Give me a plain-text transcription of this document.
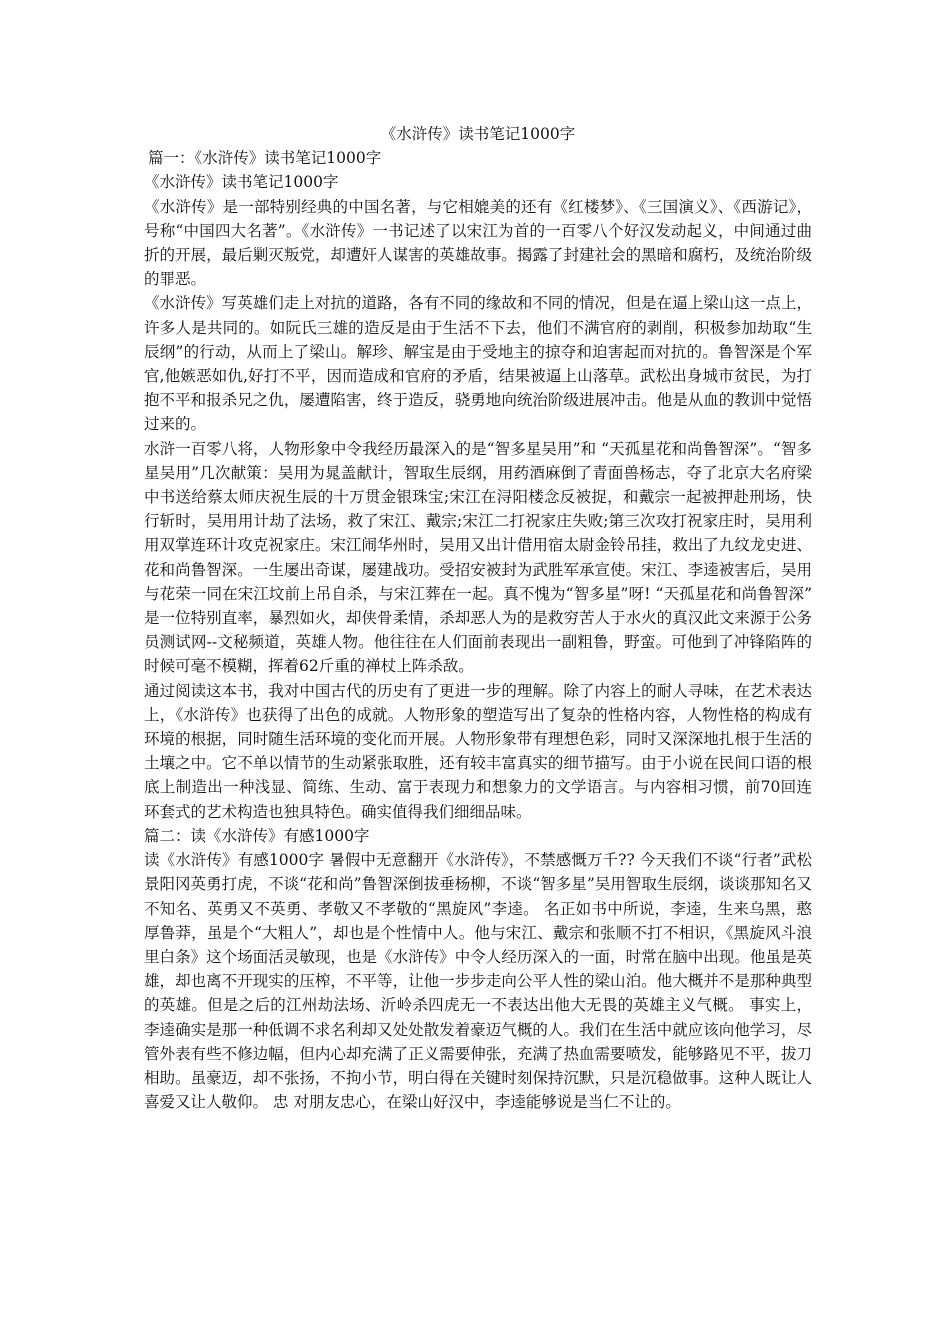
《水浒传》读书笔记1000字

篇一：《水浒传》读书笔记1000字

《水浒传》读书笔记1000字

《水浒传》是一部特别经典的中国名著，与它相媲美的还有《红楼梦》、《三国演义》、《西游记》，号称“中国四大名著”。《水浒传》一书记述了以宋江为首的一百零八个好汉发动起义，中间通过曲折的开展，最后剿灭叛党，却遭奸人谋害的英雄故事。揭露了封建社会的黑暗和腐朽，及统治阶级的罪恶。

《水浒传》写英雄们走上对抗的道路，各有不同的缘故和不同的情况，但是在逼上梁山这一点上，许多人是共同的。如阮氏三雄的造反是由于生活不下去，他们不满官府的剥削，积极参加劫取“生辰纲”的行动，从而上了梁山。解珍、解宝是由于受地主的掠夺和迫害起而对抗的。鲁智深是个军官,他嫉恶如仇,好打不平，因而造成和官府的矛盾，结果被逼上山落草。武松出身城市贫民，为打抱不平和报杀兄之仇，屡遭陷害，终于造反，骁勇地向统治阶级进展冲击。他是从血的教训中觉悟过来的。

水浒一百零八将，人物形象中令我经历最深入的是“智多星吴用”和 “天孤星花和尚鲁智深”。“智多星吴用”几次献策：吴用为晁盖献计，智取生辰纲，用药酒麻倒了青面兽杨志，夺了北京大名府梁中书送给蔡太师庆祝生辰的十万贯金银珠宝;宋江在浔阳楼念反被捉，和戴宗一起被押赴刑场，快行斩时，吴用用计劫了法场，救了宋江、戴宗;宋江二打祝家庄失败;第三次攻打祝家庄时，吴用利用双掌连环计攻克祝家庄。宋江闹华州时，吴用又出计借用宿太尉金铃吊挂，救出了九纹龙史进、花和尚鲁智深。一生屡出奇谋，屡建战功。受招安被封为武胜军承宣使。宋江、李逵被害后，吴用与花荣一同在宋江坟前上吊自杀，与宋江葬在一起。真不愧为“智多星”呀! “天孤星花和尚鲁智深” 是一位特别直率，暴烈如火，却侠骨柔情，杀却恶人为的是救穷苦人于水火的真汉此文来源于公务员测试网--文秘频道，英雄人物。他往往在人们面前表现出一副粗鲁，野蛮。可他到了冲锋陷阵的时候可毫不模糊，挥着62斤重的禅杖上阵杀敌。

通过阅读这本书，我对中国古代的历史有了更进一步的理解。除了内容上的耐人寻味，在艺术表达上，《水浒传》也获得了出色的成就。人物形象的塑造写出了复杂的性格内容，人物性格的构成有环境的根据，同时随生活环境的变化而开展。人物形象带有理想色彩，同时又深深地扎根于生活的土壤之中。它不单以情节的生动紧张取胜，还有较丰富真实的细节描写。由于小说在民间口语的根底上制造出一种浅显、简练、生动、富于表现力和想象力的文学语言。与内容相习惯，前70回连环套式的艺术构造也独具特色。确实值得我们细细品味。

篇二：读《水浒传》有感1000字

读《水浒传》有感1000字 暑假中无意翻开《水浒传》，不禁感慨万千?? 今天我们不谈“行者”武松景阳冈英勇打虎，不谈“花和尚”鲁智深倒拔垂杨柳，不谈“智多星”吴用智取生辰纲，谈谈那知名又不知名、英勇又不英勇、孝敬又不孝敬的“黑旋风”李逵。 名正如书中所说，李逵，生来乌黑，憨厚鲁莽，虽是个“大粗人”，却也是个性情中人。他与宋江、戴宗和张顺不打不相识，《黑旋风斗浪里白条》这个场面活灵敏现，也是《水浒传》中令人经历深入的一面，时常在脑中出现。他虽是英雄，却也离不开现实的压榨，不平等，让他一步步走向公平人性的梁山泊。他大概并不是那种典型的英雄。但是之后的江州劫法场、沂岭杀四虎无一不表达出他大无畏的英雄主义气概。 事实上，李逵确实是那一种低调不求名利却又处处散发着豪迈气概的人。我们在生活中就应该向他学习，尽管外表有些不修边幅，但内心却充满了正义需要伸张，充满了热血需要喷发，能够路见不平，拔刀相助。虽豪迈，却不张扬，不拘小节，明白得在关键时刻保持沉默，只是沉稳做事。这种人既让人喜爱又让人敬仰。 忠 对朋友忠心，在梁山好汉中，李逵能够说是当仁不让的。
